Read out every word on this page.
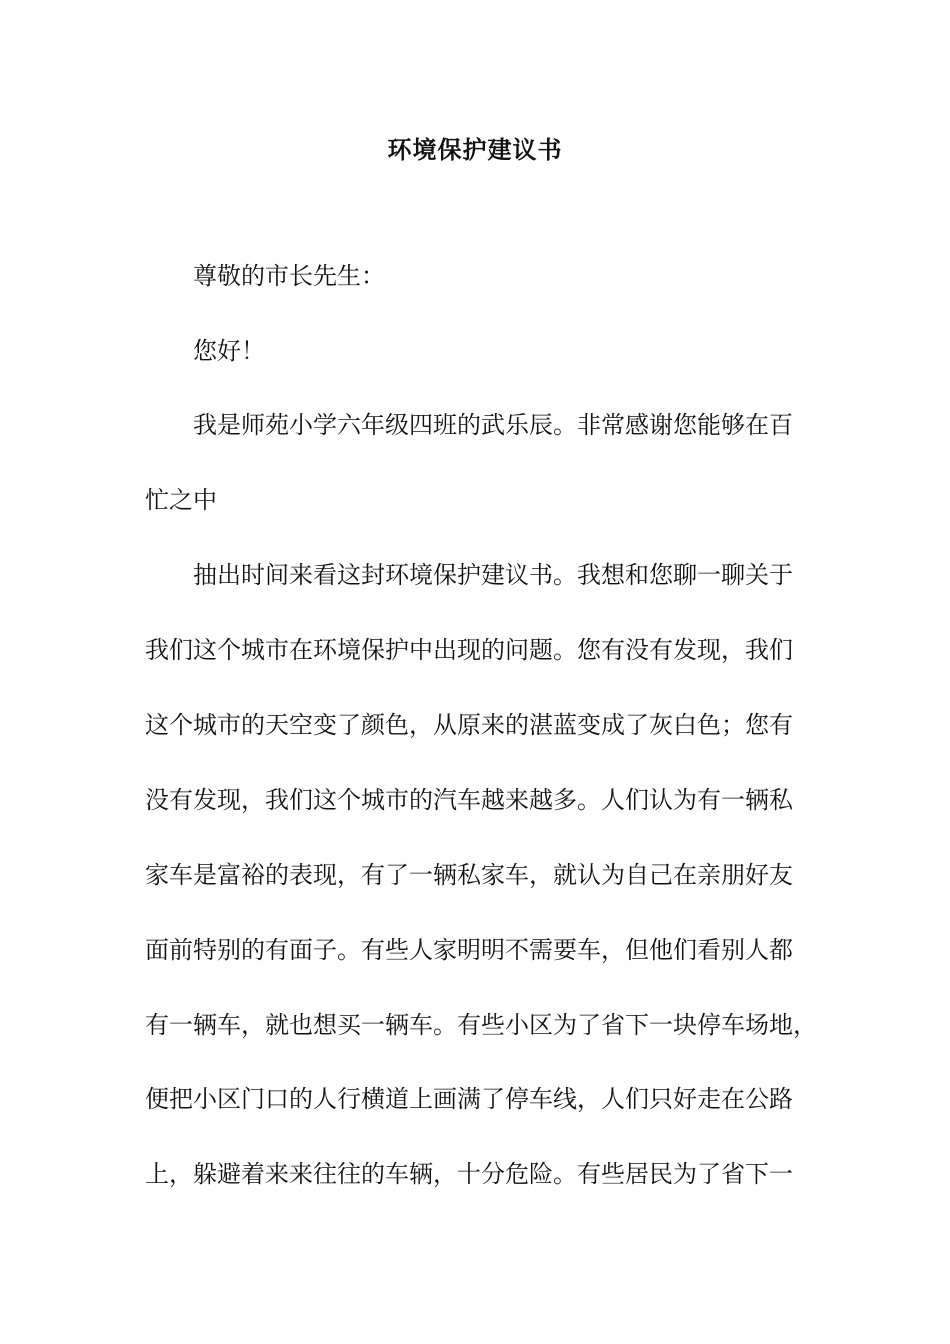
环境保护建议书
尊敬的市长先生：
您好！
我是师苑小学六年级四班的武乐辰。非常感谢您能够在百
忙之中
抽出时间来看这封环境保护建议书。我想和您聊一聊关于
我们这个城市在环境保护中出现的问题。您有没有发现，我们
这个城市的天空变了颜色，从原来的湛蓝变成了灰白色；您有
没有发现，我们这个城市的汽车越来越多。人们认为有一辆私
家车是富裕的表现，有了一辆私家车，就认为自己在亲朋好友
面前特别的有面子。有些人家明明不需要车，但他们看别人都
有一辆车，就也想买一辆车。有些小区为了省下一块停车场地，
便把小区门口的人行横道上画满了停车线，人们只好走在公路
上，躲避着来来往往的车辆，十分危险。有些居民为了省下一
